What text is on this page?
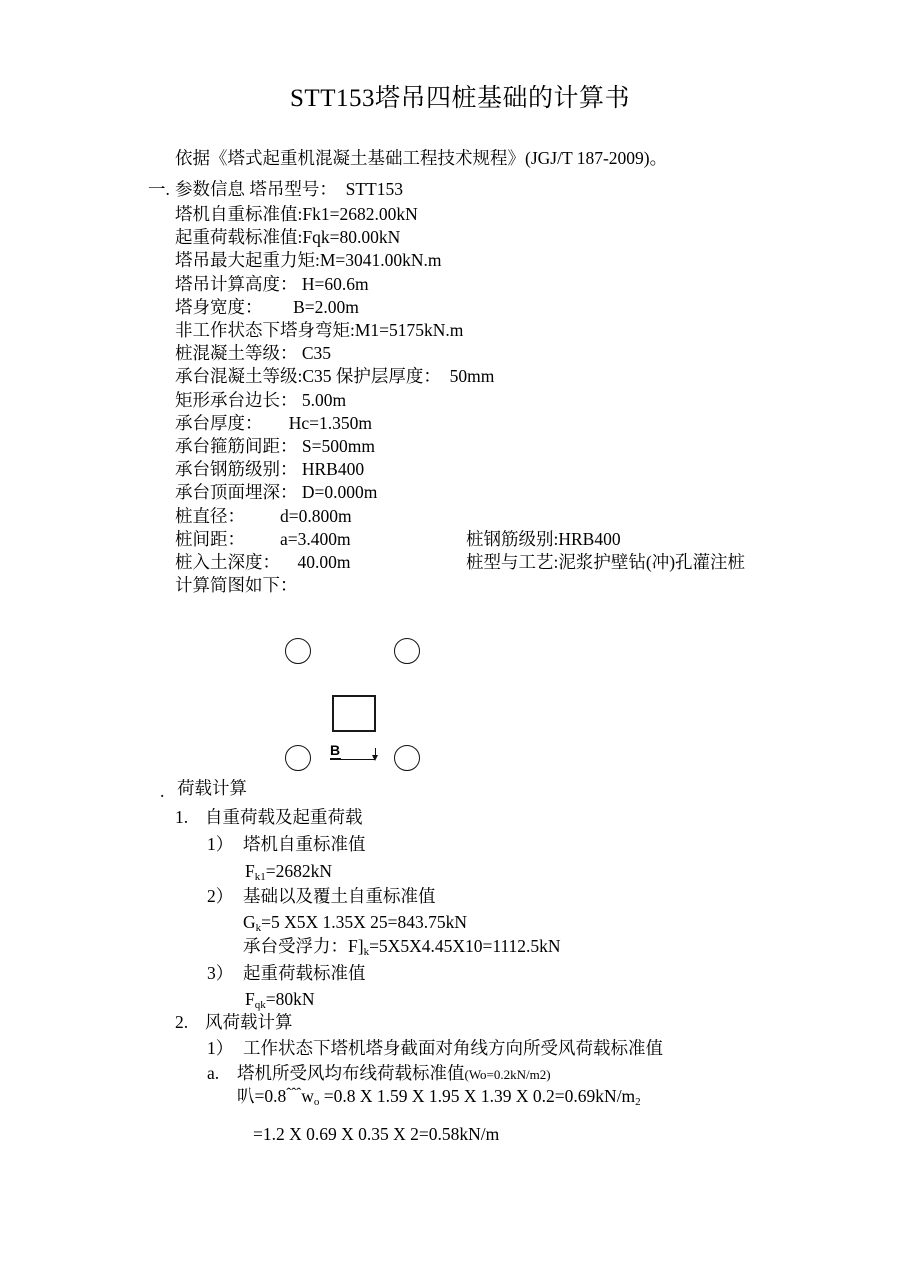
STT153塔吊四桩基础的计算书
依据《塔式起重机混凝土基础工程技术规程》(JGJ/T 187-2009)。
一. 参数信息 塔吊型号：  STT153
塔机自重标准值:Fk1=2682.00kN
起重荷载标准值:Fqk=80.00kN
塔吊最大起重力矩:M=3041.00kN.m
塔吊计算高度： H=60.6m
塔身宽度：       B=2.00m
非工作状态下塔身弯矩:M1=5175kN.m
桩混凝土等级： C35
承台混凝土等级:C35 保护层厚度：  50mm
矩形承台边长： 5.00m
承台厚度：      Hc=1.350m
承台箍筋间距： S=500mm
承台钢筋级别： HRB400
承台顶面埋深： D=0.000m
桩直径：        d=0.800m
桩间距：        a=3.400m
桩入土深度：    40.00m
计算简图如下：
桩钢筋级别:HRB400
桩型与工艺:泥浆护壁钻(冲)孔灌注桩
B
. 荷载计算
1. 自重荷载及起重荷载
1） 塔机自重标准值
$F_{k1}=2682kN$
2） 基础以及覆土自重标准值
$G_k=5$ X5X 1.35X 25=843.75kN
承台受浮力：$F]_k=5X5X4.45X10=1112.5kN$
3） 起重荷载标准值
$F_{qk}=80kN$
2. 风荷载计算
1） 工作状态下塔机塔身截面对角线方向所受风荷载标准值
a. 塔机所受风均布线荷载标准值(Wo=0.2kN/m2)
叭=0.8ˆˆˆw$_o$ =0.8 X 1.59 X 1.95 X 1.39 X $0.2=0.69kN/m_2$
=1.2 X 0.69 X 0.35 X 2=0.58kN/m
